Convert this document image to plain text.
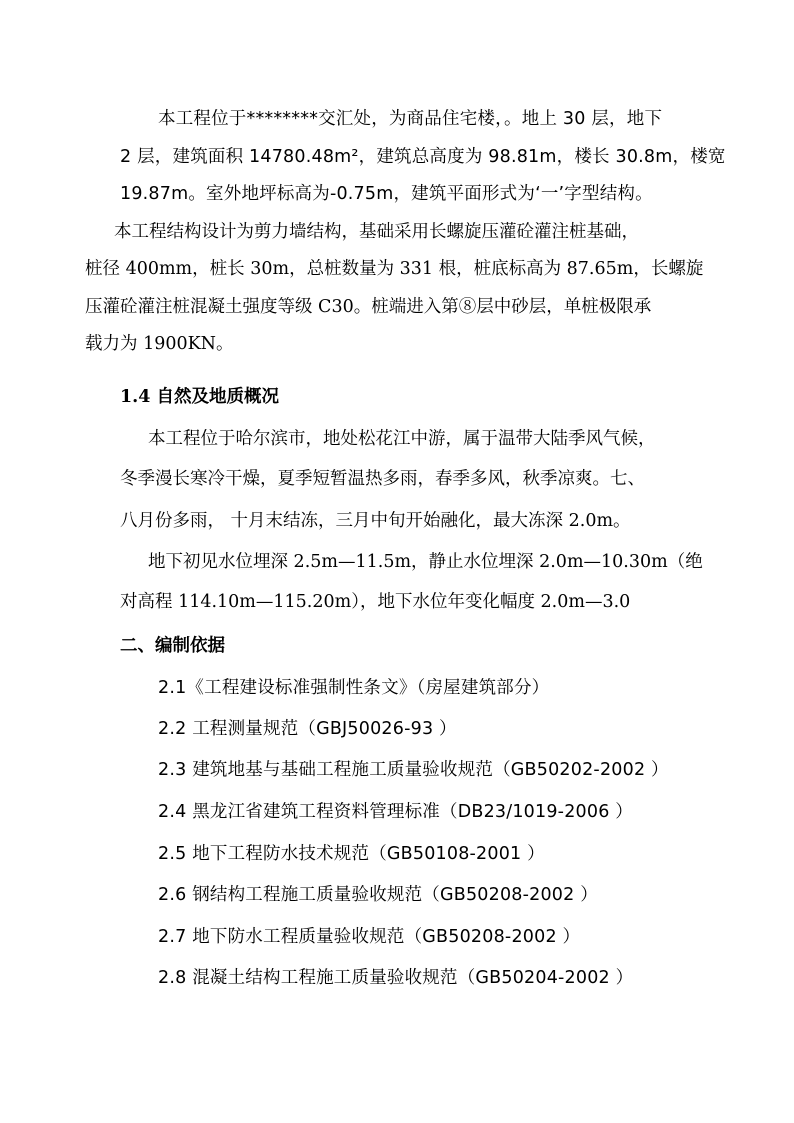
本工程位于********交汇处，为商品住宅楼，。地上 30 层，地下
2 层，建筑面积 14780.48m²，建筑总高度为 98.81m，楼长 30.8m，楼宽
19.87m。室外地坪标高为-0.75m，建筑平面形式为‘一’字型结构。
本工程结构设计为剪力墙结构，基础采用长螺旋压灌砼灌注桩基础，
桩径 400mm，桩长 30m，总桩数量为 331 根，桩底标高为 87.65m，长螺旋
压灌砼灌注桩混凝土强度等级 C30。桩端进入第⑧层中砂层，单桩极限承
载力为 1900KN。
1.4 自然及地质概况
本工程位于哈尔滨市，地处松花江中游，属于温带大陆季风气候，
冬季漫长寒冷干燥，夏季短暂温热多雨，春季多风，秋季凉爽。七、
八月份多雨， 十月末结冻，三月中旬开始融化，最大冻深 2.0m。
地下初见水位埋深 2.5m—11.5m，静止水位埋深 2.0m—10.30m（绝
对高程 114.10m—115.20m），地下水位年变化幅度 2.0m—3.0
二、编制依据
2.1《工程建设标准强制性条文》（房屋建筑部分）
2.2 工程测量规范（GBJ50026-93 ）
2.3 建筑地基与基础工程施工质量验收规范（GB50202-2002 ）
2.4 黑龙江省建筑工程资料管理标准（DB23/1019-2006 ）
2.5 地下工程防水技术规范（GB50108-2001 ）
2.6 钢结构工程施工质量验收规范（GB50208-2002 ）
2.7 地下防水工程质量验收规范（GB50208-2002 ）
2.8 混凝土结构工程施工质量验收规范（GB50204-2002 ）
